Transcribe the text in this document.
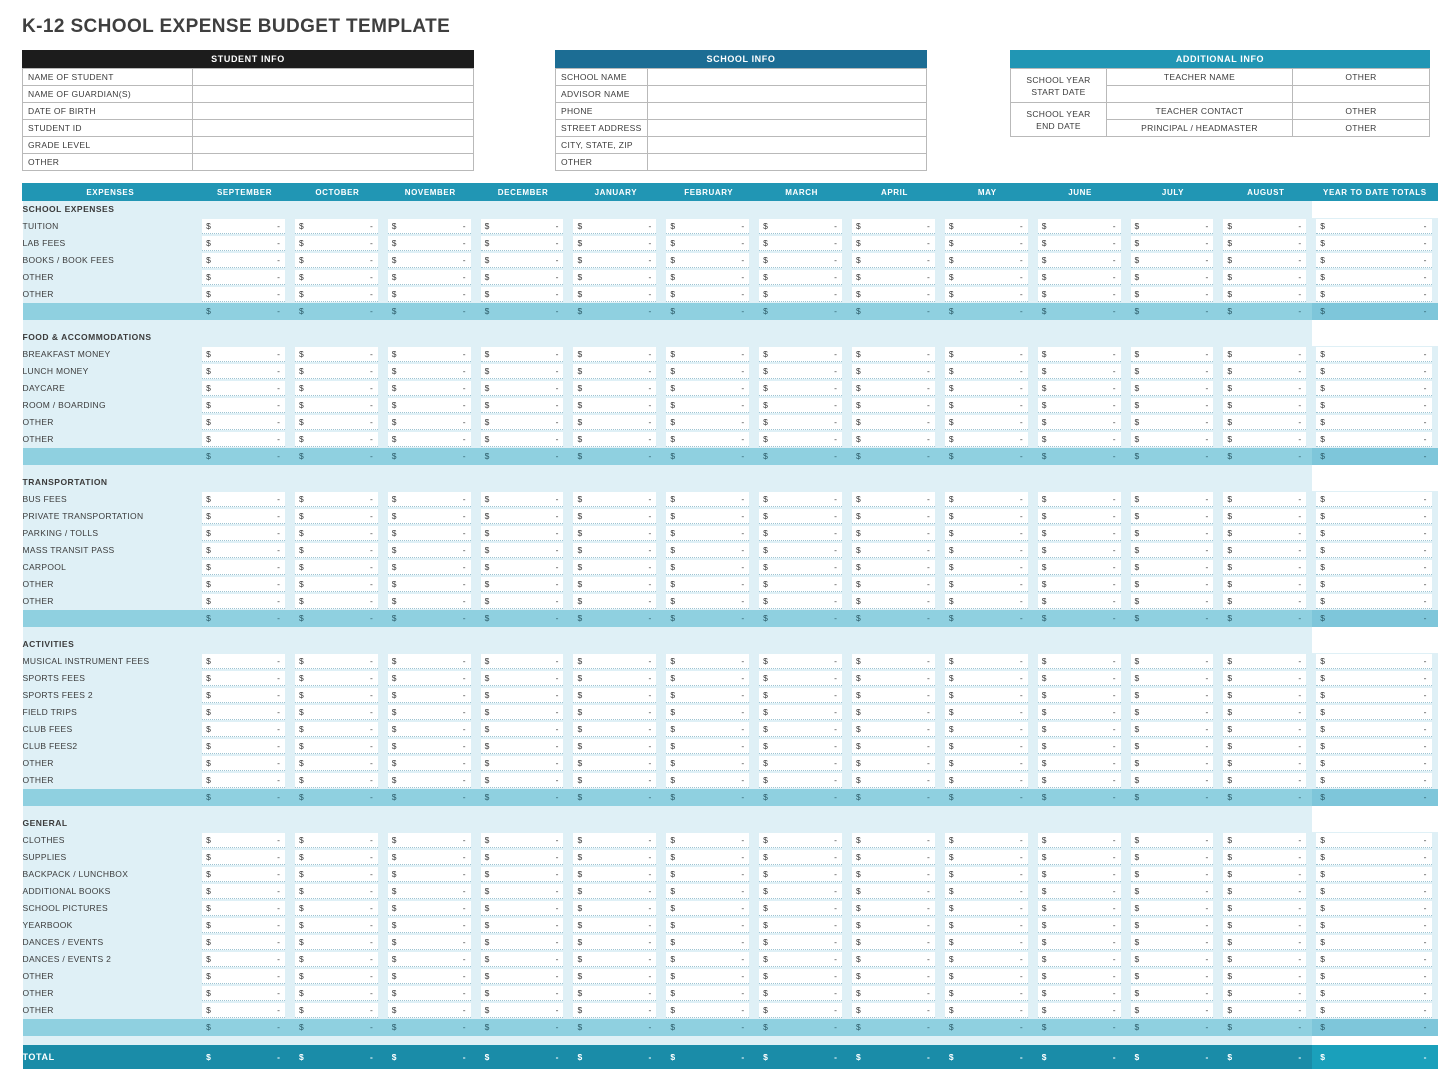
K-12 SCHOOL EXPENSE BUDGET TEMPLATE
STUDENT INFO
NAME OF STUDENT	
NAME OF GUARDIAN(S)	
DATE OF BIRTH	
STUDENT ID	
GRADE LEVEL	
OTHER	
SCHOOL INFO
SCHOOL NAME	
ADVISOR NAME	
PHONE	
STREET ADDRESS	
CITY, STATE, ZIP	
OTHER	
ADDITIONAL INFO
SCHOOL YEAR
START DATE	TEACHER NAME	OTHER

SCHOOL YEAR
END DATE	TEACHER CONTACT	OTHER
	PRINCIPAL / HEADMASTER	OTHER
EXPENSES	SEPTEMBER	OCTOBER	NOVEMBER	DECEMBER	JANUARY	FEBRUARY	MARCH	APRIL	MAY	JUNE	JULY	AUGUST	YEAR TO DATE TOTALS
SCHOOL EXPENSES													
TUITION	$ -	$ -	$ -	$ -	$ -	$ -	$ -	$ -	$ -	$ -	$ -	$ -	$ -

LAB FEES	$ -	$ -	$ -	$ -	$ -	$ -	$ -	$ -	$ -	$ -	$ -	$ -	$ -

BOOKS / BOOK FEES	$ -	$ -	$ -	$ -	$ -	$ -	$ -	$ -	$ -	$ -	$ -	$ -	$ -

OTHER	$ -	$ -	$ -	$ -	$ -	$ -	$ -	$ -	$ -	$ -	$ -	$ -	$ -

OTHER	$ -	$ -	$ -	$ -	$ -	$ -	$ -	$ -	$ -	$ -	$ -	$ -	$ -

	$ -	$ -	$ -	$ -	$ -	$ -	$ -	$ -	$ -	$ -	$ -	$ -	$ -

FOOD & ACCOMMODATIONS													
BREAKFAST MONEY	$ -	$ -	$ -	$ -	$ -	$ -	$ -	$ -	$ -	$ -	$ -	$ -	$ -

LUNCH MONEY	$ -	$ -	$ -	$ -	$ -	$ -	$ -	$ -	$ -	$ -	$ -	$ -	$ -

DAYCARE	$ -	$ -	$ -	$ -	$ -	$ -	$ -	$ -	$ -	$ -	$ -	$ -	$ -

ROOM / BOARDING	$ -	$ -	$ -	$ -	$ -	$ -	$ -	$ -	$ -	$ -	$ -	$ -	$ -

OTHER	$ -	$ -	$ -	$ -	$ -	$ -	$ -	$ -	$ -	$ -	$ -	$ -	$ -

OTHER	$ -	$ -	$ -	$ -	$ -	$ -	$ -	$ -	$ -	$ -	$ -	$ -	$ -

	$ -	$ -	$ -	$ -	$ -	$ -	$ -	$ -	$ -	$ -	$ -	$ -	$ -

TRANSPORTATION													
BUS FEES	$ -	$ -	$ -	$ -	$ -	$ -	$ -	$ -	$ -	$ -	$ -	$ -	$ -

PRIVATE TRANSPORTATION	$ -	$ -	$ -	$ -	$ -	$ -	$ -	$ -	$ -	$ -	$ -	$ -	$ -

PARKING / TOLLS	$ -	$ -	$ -	$ -	$ -	$ -	$ -	$ -	$ -	$ -	$ -	$ -	$ -

MASS TRANSIT PASS	$ -	$ -	$ -	$ -	$ -	$ -	$ -	$ -	$ -	$ -	$ -	$ -	$ -

CARPOOL	$ -	$ -	$ -	$ -	$ -	$ -	$ -	$ -	$ -	$ -	$ -	$ -	$ -

OTHER	$ -	$ -	$ -	$ -	$ -	$ -	$ -	$ -	$ -	$ -	$ -	$ -	$ -

OTHER	$ -	$ -	$ -	$ -	$ -	$ -	$ -	$ -	$ -	$ -	$ -	$ -	$ -

	$ -	$ -	$ -	$ -	$ -	$ -	$ -	$ -	$ -	$ -	$ -	$ -	$ -

ACTIVITIES													
MUSICAL INSTRUMENT FEES	$ -	$ -	$ -	$ -	$ -	$ -	$ -	$ -	$ -	$ -	$ -	$ -	$ -

SPORTS FEES	$ -	$ -	$ -	$ -	$ -	$ -	$ -	$ -	$ -	$ -	$ -	$ -	$ -

SPORTS FEES 2	$ -	$ -	$ -	$ -	$ -	$ -	$ -	$ -	$ -	$ -	$ -	$ -	$ -

FIELD TRIPS	$ -	$ -	$ -	$ -	$ -	$ -	$ -	$ -	$ -	$ -	$ -	$ -	$ -

CLUB FEES	$ -	$ -	$ -	$ -	$ -	$ -	$ -	$ -	$ -	$ -	$ -	$ -	$ -

CLUB FEES2	$ -	$ -	$ -	$ -	$ -	$ -	$ -	$ -	$ -	$ -	$ -	$ -	$ -

OTHER	$ -	$ -	$ -	$ -	$ -	$ -	$ -	$ -	$ -	$ -	$ -	$ -	$ -

OTHER	$ -	$ -	$ -	$ -	$ -	$ -	$ -	$ -	$ -	$ -	$ -	$ -	$ -

	$ -	$ -	$ -	$ -	$ -	$ -	$ -	$ -	$ -	$ -	$ -	$ -	$ -

GENERAL													
CLOTHES	$ -	$ -	$ -	$ -	$ -	$ -	$ -	$ -	$ -	$ -	$ -	$ -	$ -

SUPPLIES	$ -	$ -	$ -	$ -	$ -	$ -	$ -	$ -	$ -	$ -	$ -	$ -	$ -

BACKPACK / LUNCHBOX	$ -	$ -	$ -	$ -	$ -	$ -	$ -	$ -	$ -	$ -	$ -	$ -	$ -

ADDITIONAL BOOKS	$ -	$ -	$ -	$ -	$ -	$ -	$ -	$ -	$ -	$ -	$ -	$ -	$ -

SCHOOL PICTURES	$ -	$ -	$ -	$ -	$ -	$ -	$ -	$ -	$ -	$ -	$ -	$ -	$ -

YEARBOOK	$ -	$ -	$ -	$ -	$ -	$ -	$ -	$ -	$ -	$ -	$ -	$ -	$ -

DANCES / EVENTS	$ -	$ -	$ -	$ -	$ -	$ -	$ -	$ -	$ -	$ -	$ -	$ -	$ -

DANCES / EVENTS 2	$ -	$ -	$ -	$ -	$ -	$ -	$ -	$ -	$ -	$ -	$ -	$ -	$ -

OTHER	$ -	$ -	$ -	$ -	$ -	$ -	$ -	$ -	$ -	$ -	$ -	$ -	$ -

OTHER	$ -	$ -	$ -	$ -	$ -	$ -	$ -	$ -	$ -	$ -	$ -	$ -	$ -

OTHER	$ -	$ -	$ -	$ -	$ -	$ -	$ -	$ -	$ -	$ -	$ -	$ -	$ -

	$ -	$ -	$ -	$ -	$ -	$ -	$ -	$ -	$ -	$ -	$ -	$ -	$ -

TOTAL	$ -	$ -	$ -	$ -	$ -	$ -	$ -	$ -	$ -	$ -	$ -	$ -	$ -
